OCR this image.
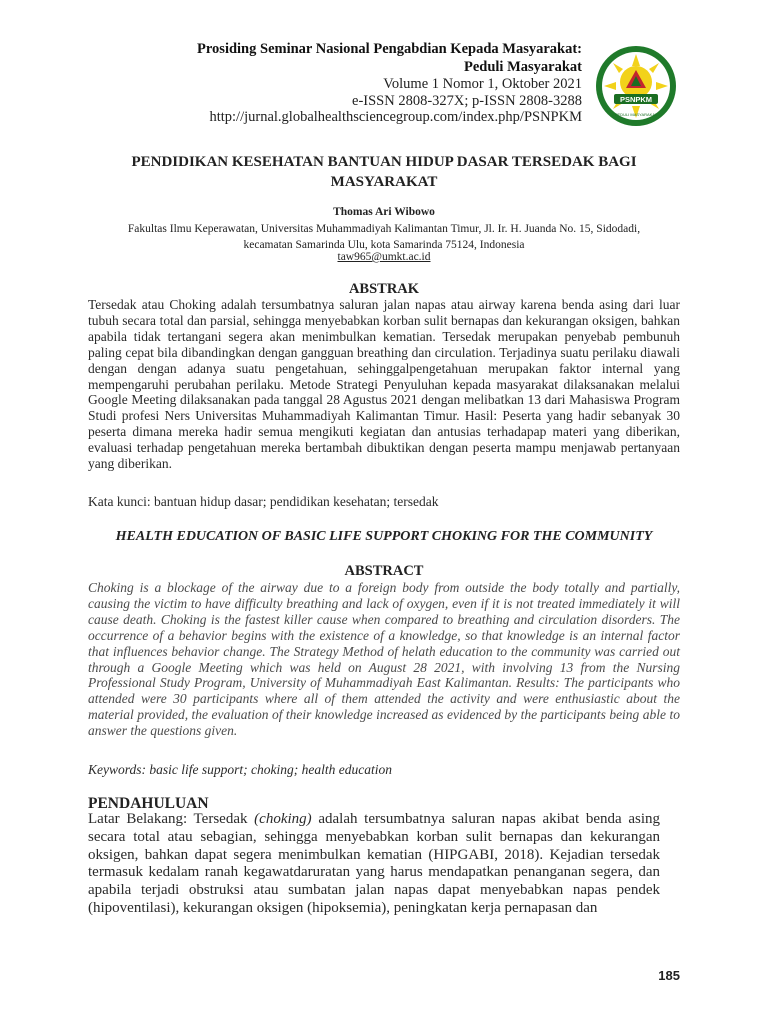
Prosiding Seminar Nasional Pengabdian Kepada Masyarakat:
Peduli Masyarakat
Volume 1 Nomor 1, Oktober 2021
e-ISSN 2808-327X; p-ISSN 2808-3288
http://jurnal.globalhealthsciencegroup.com/index.php/PSNPKM
PSNPKM
PEDULI MASYARAKAT
PENDIDIKAN KESEHATAN BANTUAN HIDUP DASAR TERSEDAK BAGI
MASYARAKAT
Thomas Ari Wibowo
Fakultas Ilmu Keperawatan, Universitas Muhammadiyah Kalimantan Timur, Jl. Ir. H. Juanda No. 15, Sidodadi,
kecamatan Samarinda Ulu, kota Samarinda 75124, Indonesia
taw965@umkt.ac.id
ABSTRAK
Tersedak atau Choking adalah tersumbatnya saluran jalan napas atau airway karena benda asing dari luar tubuh secara total dan parsial, sehingga menyebabkan korban sulit bernapas dan kekurangan oksigen, bahkan apabila tidak tertangani segera akan menimbulkan kematian. Tersedak merupakan penyebab pembunuh paling cepat bila dibandingkan dengan gangguan breathing dan circulation. Terjadinya suatu perilaku diawali dengan dengan adanya suatu pengetahuan, sehinggalpengetahuan merupakan faktor internal yang mempengaruhi perubahan perilaku. Metode Strategi Penyuluhan kepada masyarakat dilaksanakan melalui Google Meeting dilaksanakan pada tanggal 28 Agustus 2021 dengan melibatkan 13 dari Mahasiswa Program Studi profesi Ners Universitas Muhammadiyah Kalimantan Timur. Hasil: Peserta yang hadir sebanyak 30 peserta dimana mereka hadir semua mengikuti kegiatan dan antusias terhadapap materi yang diberikan, evaluasi terhadap pengetahuan mereka bertambah dibuktikan dengan peserta mampu menjawab pertanyaan yang diberikan.
Kata kunci: bantuan hidup dasar; pendidikan kesehatan; tersedak
HEALTH EDUCATION OF BASIC LIFE SUPPORT CHOKING FOR THE COMMUNITY
ABSTRACT
Choking is a blockage of the airway due to a foreign body from outside the body totally and partially, causing the victim to have difficulty breathing and lack of oxygen, even if it is not treated immediately it will cause death. Choking is the fastest killer cause when compared to breathing and circulation disorders. The occurrence of a behavior begins with the existence of a knowledge, so that knowledge is an internal factor that influences behavior change. The Strategy Method of helath education to the community was carried out through a Google Meeting which was held on August 28 2021, with involving 13 from the Nursing Professional Study Program, University of Muhammadiyah East Kalimantan. Results: The participants who attended were 30 participants where all of them attended the activity and were enthusiastic about the material provided, the evaluation of their knowledge increased as evidenced by the participants being able to answer the questions given.
Keywords: basic life support; choking; health education
PENDAHULUAN
Latar Belakang: Tersedak (choking) adalah tersumbatnya saluran napas akibat benda asing secara total atau sebagian, sehingga menyebabkan korban sulit bernapas dan kekurangan oksigen, bahkan dapat segera menimbulkan kematian (HIPGABI, 2018). Kejadian tersedak termasuk kedalam ranah kegawatdaruratan yang harus mendapatkan penanganan segera, dan apabila terjadi obstruksi atau sumbatan jalan napas dapat menyebabkan napas pendek (hipoventilasi), kekurangan oksigen (hipoksemia), peningkatan kerja pernapasan dan
185
